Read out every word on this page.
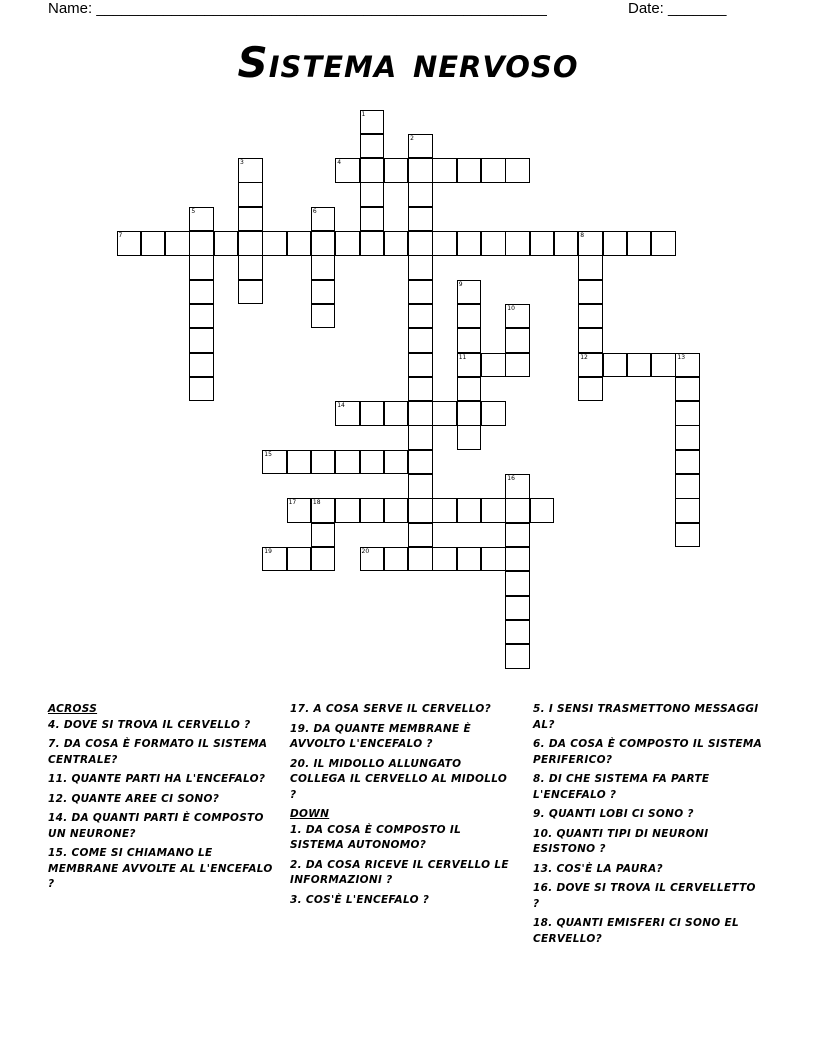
Name: ______________________________________________________	Date: _______
Sistema nervoso
4
7	8
11	12	13
14
15
17	18
19	20
1
2
3
5	6
9
10
16
ACROSS
4. DOVE SI TROVA IL CERVELLO ?
7. DA COSA È FORMATO IL SISTEMA CENTRALE?
11. QUANTE PARTI HA L'ENCEFALO?
12. QUANTE AREE CI SONO?
14. DA QUANTI PARTI È COMPOSTO UN NEURONE?
15. COME SI CHIAMANO LE MEMBRANE AVVOLTE AL L'ENCEFALO ?
17. A COSA SERVE IL CERVELLO?
19. DA QUANTE MEMBRANE È AVVOLTO L'ENCEFALO ?
20. IL MIDOLLO ALLUNGATO COLLEGA IL CERVELLO AL MIDOLLO ?
DOWN
1. DA COSA È COMPOSTO IL SISTEMA AUTONOMO?
2. DA COSA RICEVE IL CERVELLO LE INFORMAZIONI ?
3. COS'È L'ENCEFALO ?
5. I SENSI TRASMETTONO MESSAGGI AL?
6. DA COSA È COMPOSTO IL SISTEMA PERIFERICO?
8. DI CHE SISTEMA FA PARTE L'ENCEFALO ?
9. QUANTI LOBI CI SONO ?
10. QUANTI TIPI DI NEURONI ESISTONO ?
13. COS'È LA PAURA?
16. DOVE SI TROVA IL CERVELLETTO ?
18. QUANTI EMISFERI CI SONO EL CERVELLO?
